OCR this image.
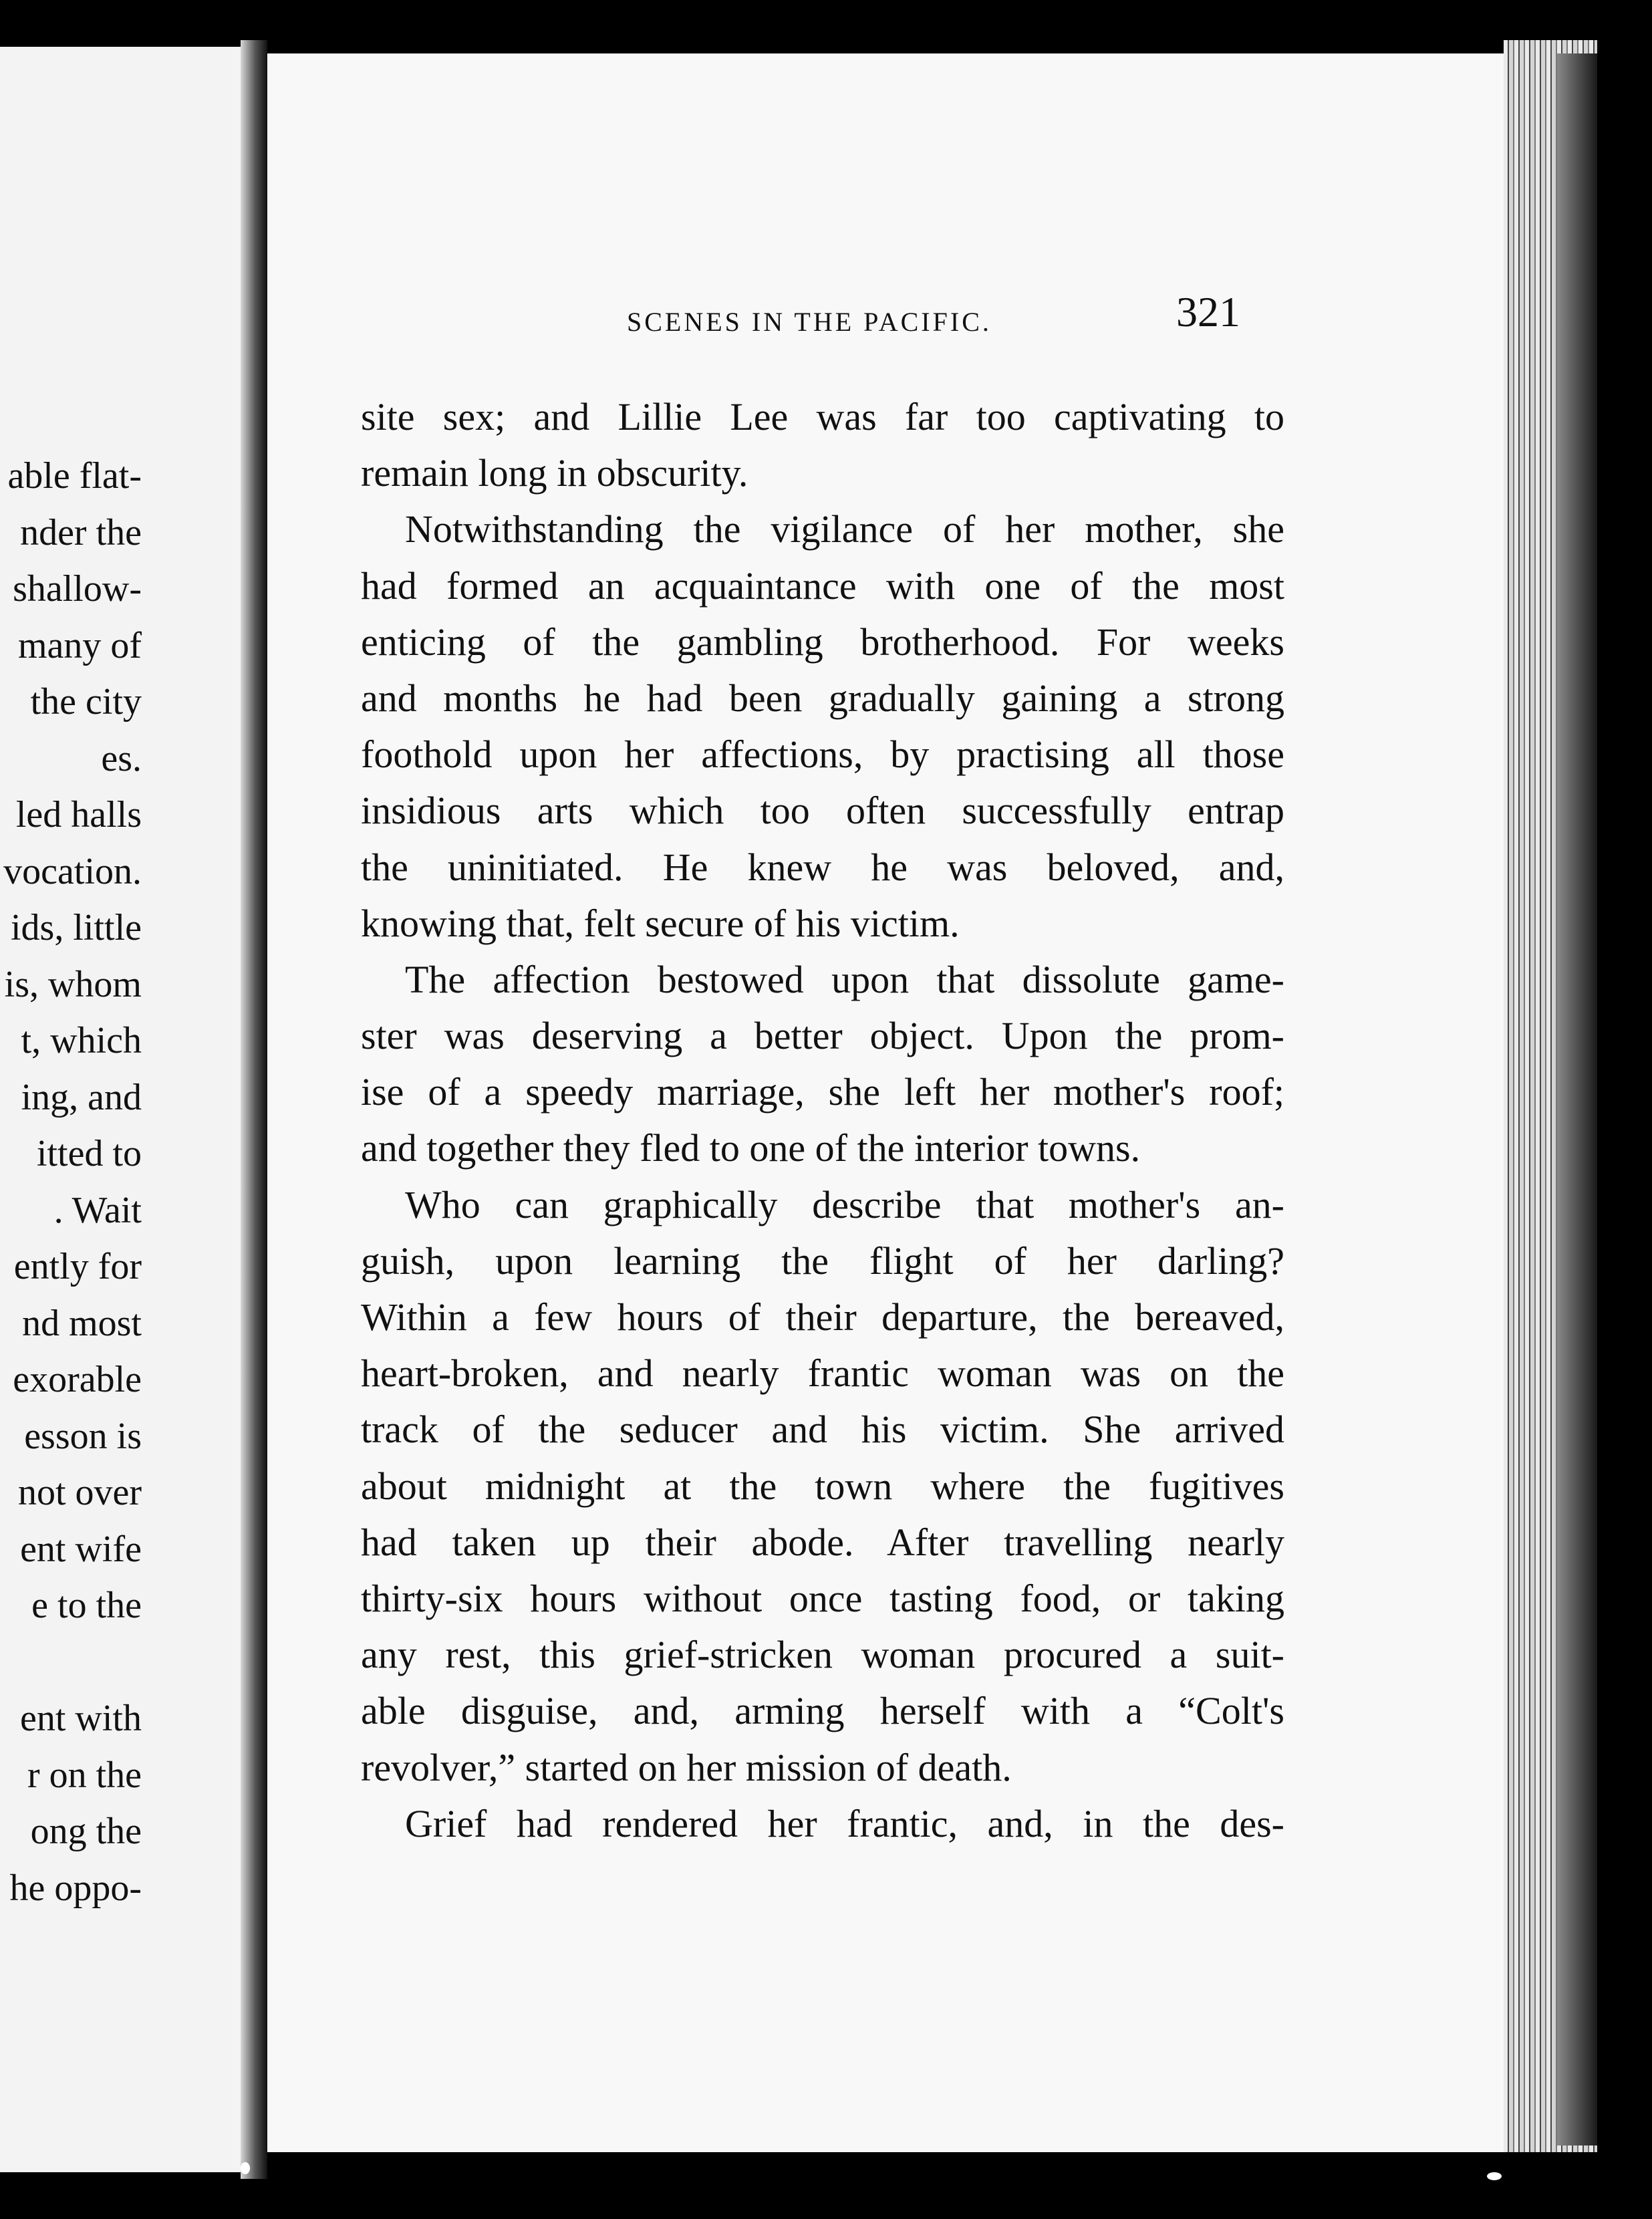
able flat-
nder the
shallow-
many of
the city
es.
led halls
vocation.
ids, little
is, whom
t, which
ing, and
itted to
. Wait
ently for
nd most
exorable
esson is
not over
ent wife
e to the
ent with
r on the
ong the
he oppo-
SCENES IN THE PACIFIC.	321
site sex; and Lillie Lee was far too captivating to
remain long in obscurity.
Notwithstanding the vigilance of her mother, she
had formed an acquaintance with one of the most
enticing of the gambling brotherhood. For weeks
and months he had been gradually gaining a strong
foothold upon her affections, by practising all those
insidious arts which too often successfully entrap
the uninitiated. He knew he was beloved, and,
knowing that, felt secure of his victim.
The affection bestowed upon that dissolute game-
ster was deserving a better object. Upon the prom-
ise of a speedy marriage, she left her mother's roof;
and together they fled to one of the interior towns.
Who can graphically describe that mother's an-
guish, upon learning the flight of her darling?
Within a few hours of their departure, the bereaved,
heart-broken, and nearly frantic woman was on the
track of the seducer and his victim. She arrived
about midnight at the town where the fugitives
had taken up their abode. After travelling nearly
thirty-six hours without once tasting food, or taking
any rest, this grief-stricken woman procured a suit-
able disguise, and, arming herself with a “Colt's
revolver,” started on her mission of death.
Grief had rendered her frantic, and, in the des-
